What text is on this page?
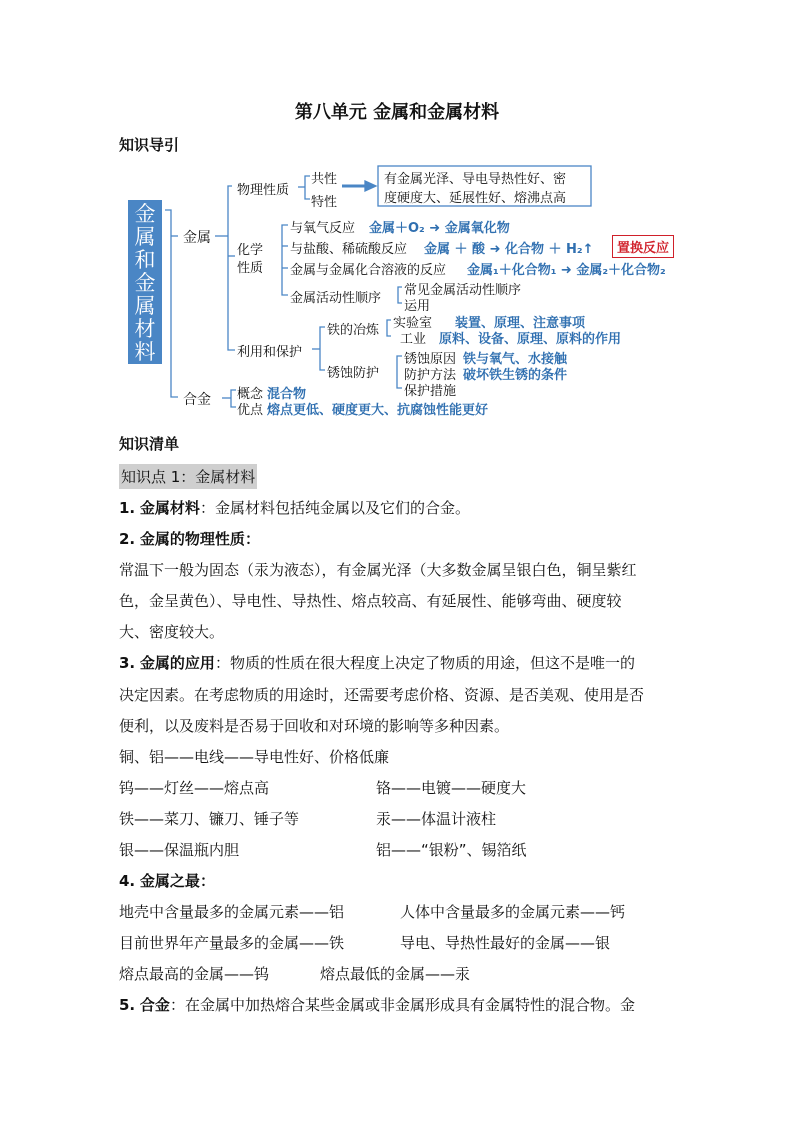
第八单元 金属和金属材料
知识导引
金
属
和
金
属
材
料
金属
物理性质
共性
特性
有金属光泽、导电导热性好、密
度硬度大、延展性好、熔沸点高
化学
性质
与氧气反应 金属＋O₂ ➜ 金属氧化物
与盐酸、稀硫酸反应 金属 ＋ 酸 ➜ 化合物 ＋ H₂↑	置换反应
金属与金属化合溶液的反应 金属₁＋化合物₁ ➜ 金属₂＋化合物₂
金属活动性顺序
常见金属活动性顺序
运用
利用和保护
铁的冶炼 实验室 装置、原理、注意事项
工业 原料、设备、原理、原料的作用
锈蚀防护
锈蚀原因 铁与氧气、水接触
防护方法 破坏铁生锈的条件
保护措施
合金 概念 混合物
优点 熔点更低、硬度更大、抗腐蚀性能更好
知识清单
知识点 1：金属材料
1. 金属材料：金属材料包括纯金属以及它们的合金。
2. 金属的物理性质：
常温下一般为固态（汞为液态），有金属光泽（大多数金属呈银白色，铜呈紫红
色，金呈黄色）、导电性、导热性、熔点较高、有延展性、能够弯曲、硬度较
大、密度较大。
3. 金属的应用：物质的性质在很大程度上决定了物质的用途，但这不是唯一的
决定因素。在考虑物质的用途时，还需要考虑价格、资源、是否美观、使用是否
便利，以及废料是否易于回收和对环境的影响等多种因素。
铜、铝——电线——导电性好、价格低廉
钨——灯丝——熔点高	铬——电镀——硬度大
铁——菜刀、镰刀、锤子等	汞——体温计液柱
银——保温瓶内胆	铝——“银粉”、锡箔纸
4. 金属之最：
地壳中含量最多的金属元素——铝	人体中含量最多的金属元素——钙
目前世界年产量最多的金属——铁	导电、导热性最好的金属——银
熔点最高的金属——钨	熔点最低的金属——汞
5. 合金：在金属中加热熔合某些金属或非金属形成具有金属特性的混合物。金
